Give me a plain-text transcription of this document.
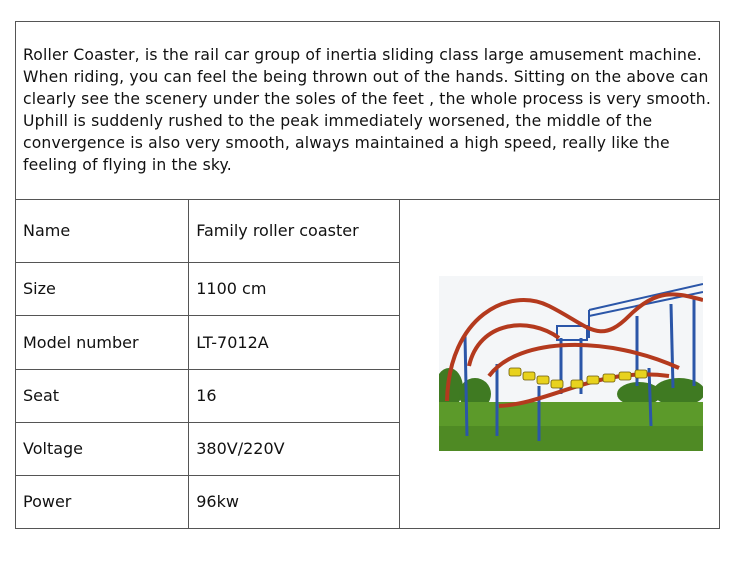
Roller Coaster, is the rail car group of inertia sliding class large amusement machine. When riding, you can feel the being thrown out of the hands. Sitting on the above can clearly see the scenery under the soles of the feet , the whole process is very smooth. Uphill is suddenly rushed to the peak immediately worsened, the middle of the convergence is also very smooth, always maintained a high speed, really like the feeling of flying in the sky.
Name	Family roller coaster
Size	1100 cm
Model number	LT-7012A
Seat	16
Voltage	380V/220V
Power	96kw
